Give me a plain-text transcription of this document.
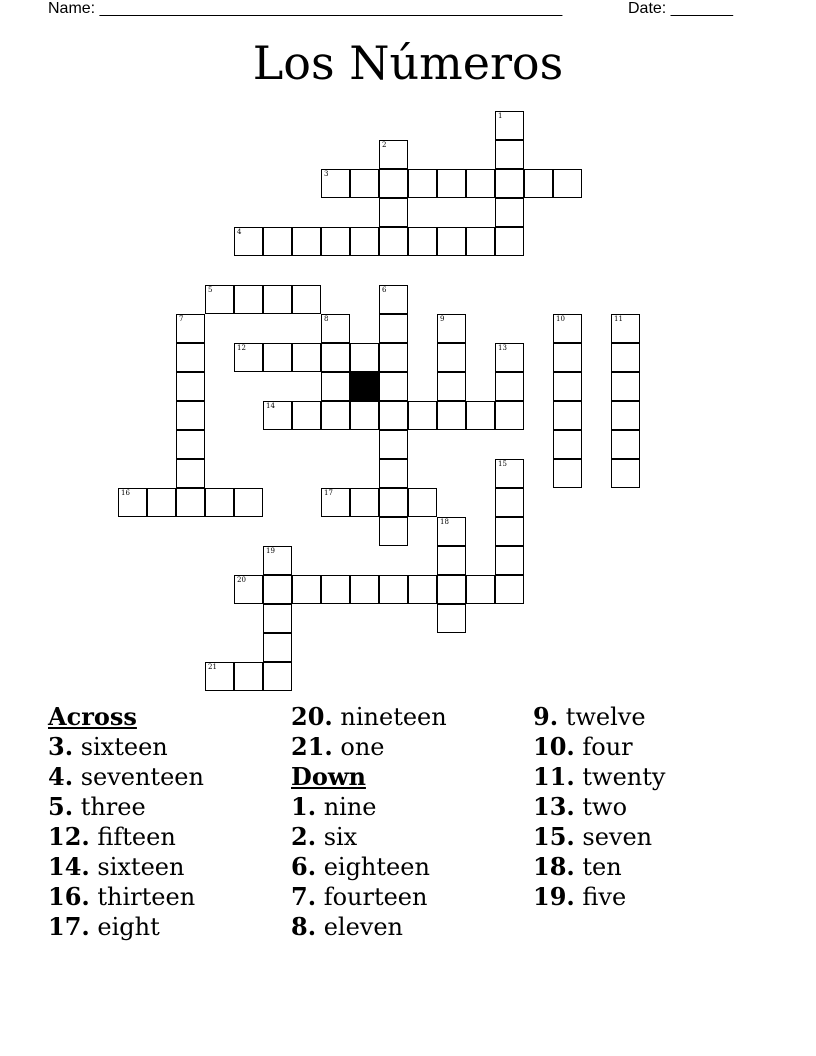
Name: ____________________________________________________	Date: _______
Los Números
1
2
3
4
5	6
7	8	9	10	11
12	13
14
15
16	17
18
19
20
21
Across
3. sixteen
4. seventeen
5. three
12. fifteen
14. sixteen
16. thirteen
17. eight
20. nineteen
21. one
Down
1. nine
2. six
6. eighteen
7. fourteen
8. eleven
9. twelve
10. four
11. twenty
13. two
15. seven
18. ten
19. five
